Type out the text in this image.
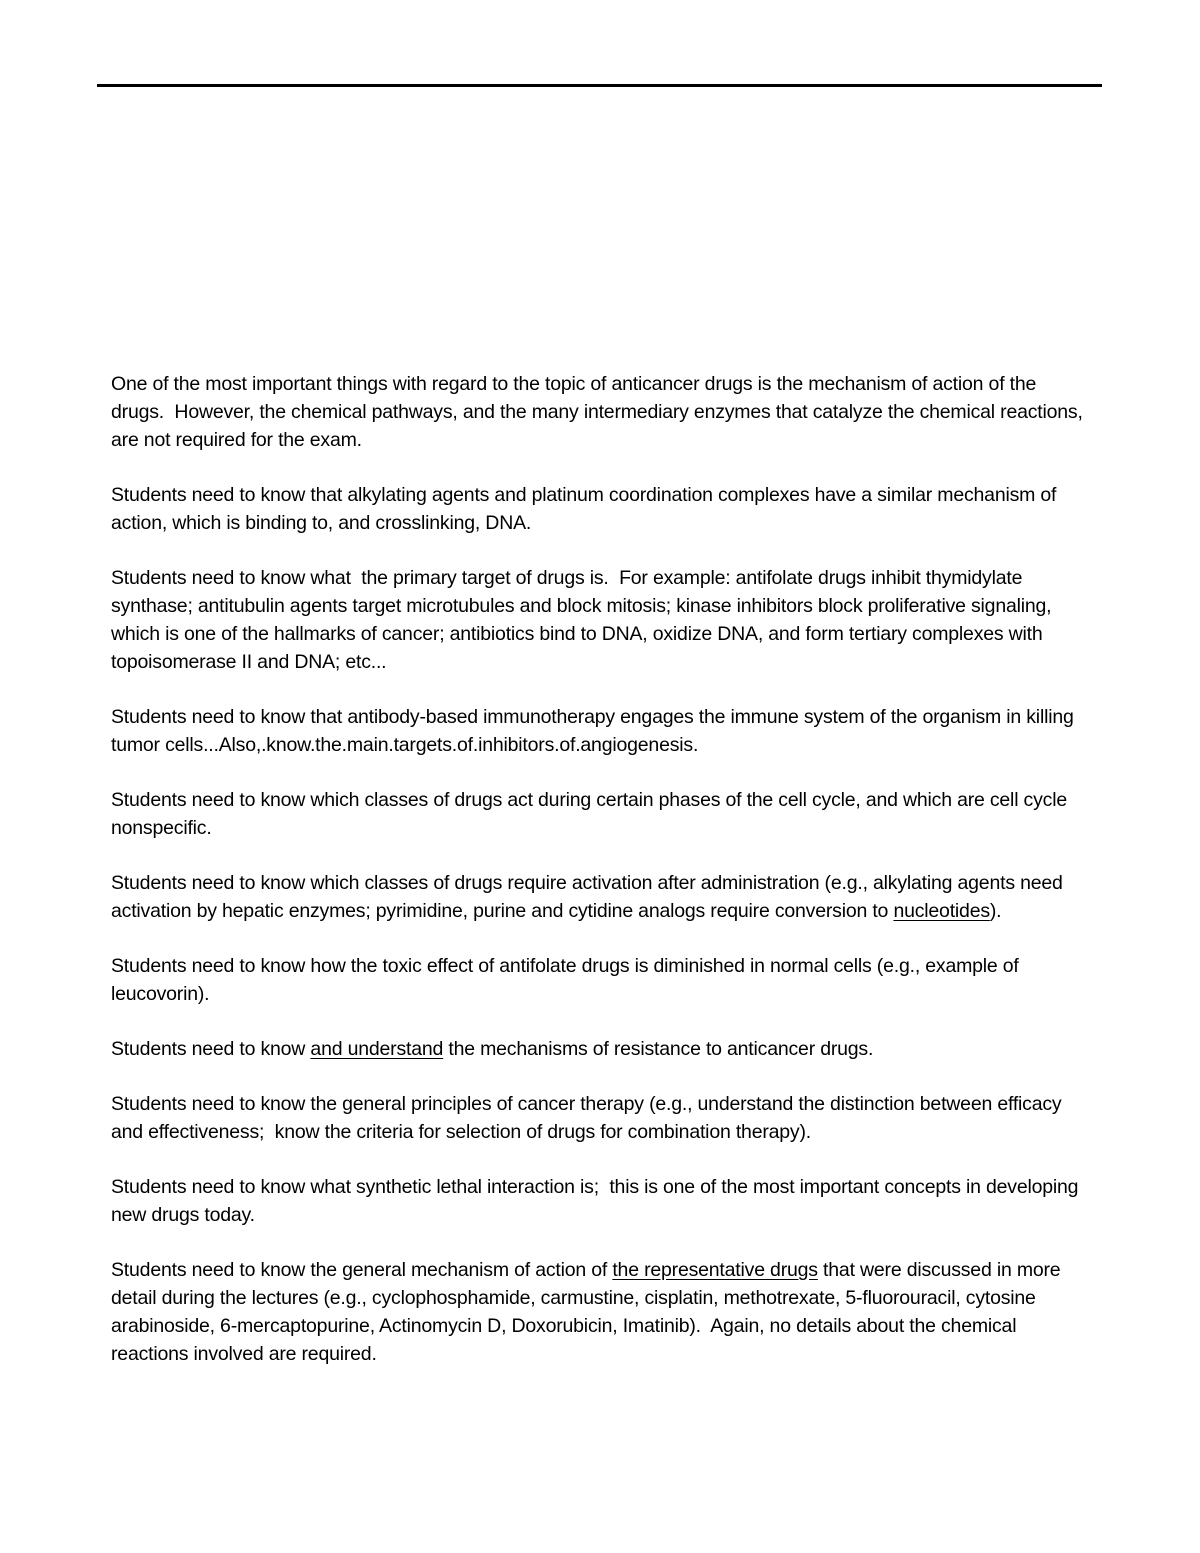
One of the most important things with regard to the topic of anticancer drugs is the mechanism of action of the drugs.  However, the chemical pathways, and the many intermediary enzymes that catalyze the chemical reactions, are not required for the exam.

Students need to know that alkylating agents and platinum coordination complexes have a similar mechanism of action, which is binding to, and crosslinking, DNA.

Students need to know what  the primary target of drugs is.  For example: antifolate drugs inhibit thymidylate synthase; antitubulin agents target microtubules and block mitosis; kinase inhibitors block proliferative signaling, which is one of the hallmarks of cancer; antibiotics bind to DNA, oxidize DNA, and form tertiary complexes with topoisomerase II and DNA; etc...

Students need to know that antibody-based immunotherapy engages the immune system of the organism in killing tumor cells...Also,.know.the.main.targets.of.inhibitors.of.angiogenesis.

Students need to know which classes of drugs act during certain phases of the cell cycle, and which are cell cycle nonspecific.

Students need to know which classes of drugs require activation after administration (e.g., alkylating agents need activation by hepatic enzymes; pyrimidine, purine and cytidine analogs require conversion to nucleotides).

Students need to know how the toxic effect of antifolate drugs is diminished in normal cells (e.g., example of leucovorin).

Students need to know and understand the mechanisms of resistance to anticancer drugs.

Students need to know the general principles of cancer therapy (e.g., understand the distinction between efficacy and effectiveness;  know the criteria for selection of drugs for combination therapy).

Students need to know what synthetic lethal interaction is;  this is one of the most important concepts in developing new drugs today.

Students need to know the general mechanism of action of the representative drugs that were discussed in more detail during the lectures (e.g., cyclophosphamide, carmustine, cisplatin, methotrexate, 5-fluorouracil, cytosine arabinoside, 6-mercaptopurine, Actinomycin D, Doxorubicin, Imatinib).  Again, no details about the chemical reactions involved are required.
